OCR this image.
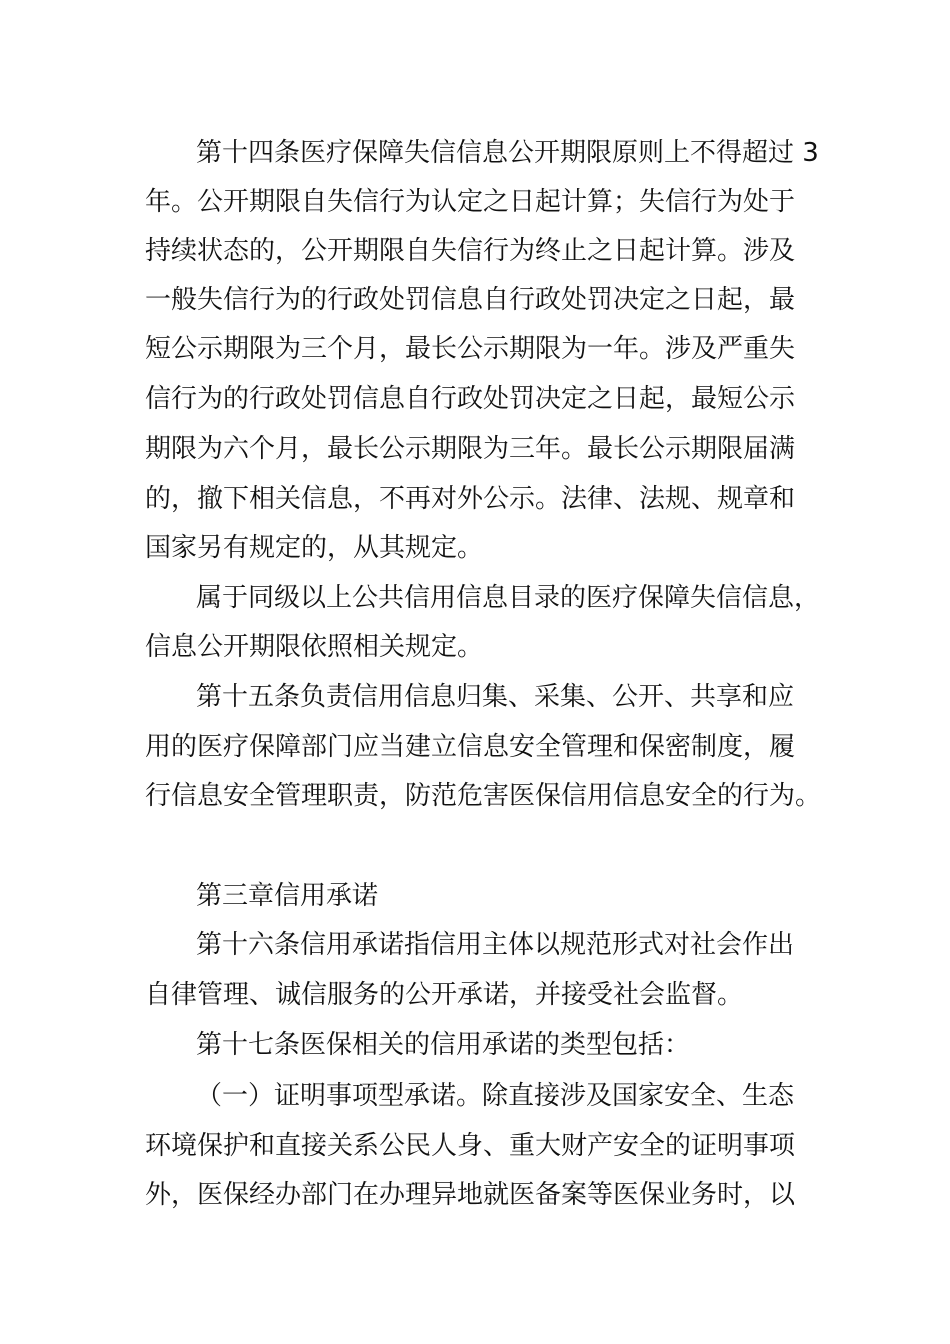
第十四条医疗保障失信信息公开期限原则上不得超过 3
年。公开期限自失信行为认定之日起计算；失信行为处于
持续状态的，公开期限自失信行为终止之日起计算。涉及
一般失信行为的行政处罚信息自行政处罚决定之日起，最
短公示期限为三个月，最长公示期限为一年。涉及严重失
信行为的行政处罚信息自行政处罚决定之日起，最短公示
期限为六个月，最长公示期限为三年。最长公示期限届满
的，撤下相关信息，不再对外公示。法律、法规、规章和
国家另有规定的，从其规定。
属于同级以上公共信用信息目录的医疗保障失信信息，
信息公开期限依照相关规定。
第十五条负责信用信息归集、采集、公开、共享和应
用的医疗保障部门应当建立信息安全管理和保密制度，履
行信息安全管理职责，防范危害医保信用信息安全的行为。
第三章信用承诺
第十六条信用承诺指信用主体以规范形式对社会作出
自律管理、诚信服务的公开承诺，并接受社会监督。
第十七条医保相关的信用承诺的类型包括：
（一）证明事项型承诺。除直接涉及国家安全、生态
环境保护和直接关系公民人身、重大财产安全的证明事项
外，医保经办部门在办理异地就医备案等医保业务时，以
